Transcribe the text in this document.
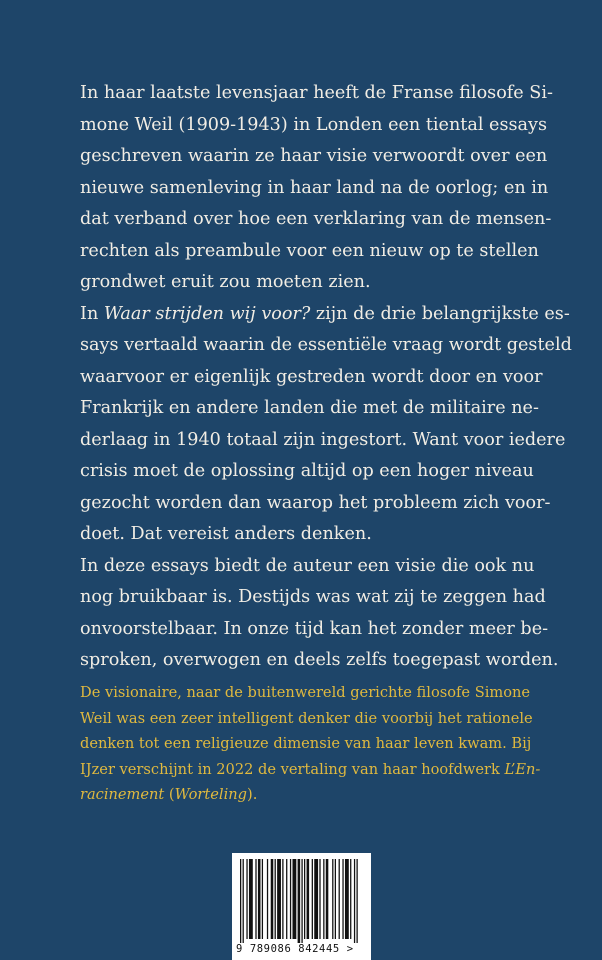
In haar laatste levensjaar heeft de Franse filosofe Si-
mone Weil (1909-1943) in Londen een tiental essays
geschreven waarin ze haar visie verwoordt over een
nieuwe samenleving in haar land na de oorlog; en in
dat verband over hoe een verklaring van de mensen-
rechten als preambule voor een nieuw op te stellen
grondwet eruit zou moeten zien.

In Waar strijden wij voor? zijn de drie belangrijkste es-
says vertaald waarin de essentiële vraag wordt gesteld
waarvoor er eigenlijk gestreden wordt door en voor
Frankrijk en andere landen die met de militaire ne-
derlaag in 1940 totaal zijn ingestort. Want voor iedere
crisis moet de oplossing altijd op een hoger niveau
gezocht worden dan waarop het probleem zich voor-
doet. Dat vereist anders denken.

In deze essays biedt de auteur een visie die ook nu
nog bruikbaar is. Destijds was wat zij te zeggen had
onvoorstelbaar. In onze tijd kan het zonder meer be-
sproken, overwogen en deels zelfs toegepast worden.

De visionaire, naar de buitenwereld gerichte filosofe Simone
Weil was een zeer intelligent denker die voorbij het rationele
denken tot een religieuze dimensie van haar leven kwam. Bij
IJzer verschijnt in 2022 de vertaling van haar hoofdwerk L’En-
racinement (Worteling).
9 789086 842445 >
